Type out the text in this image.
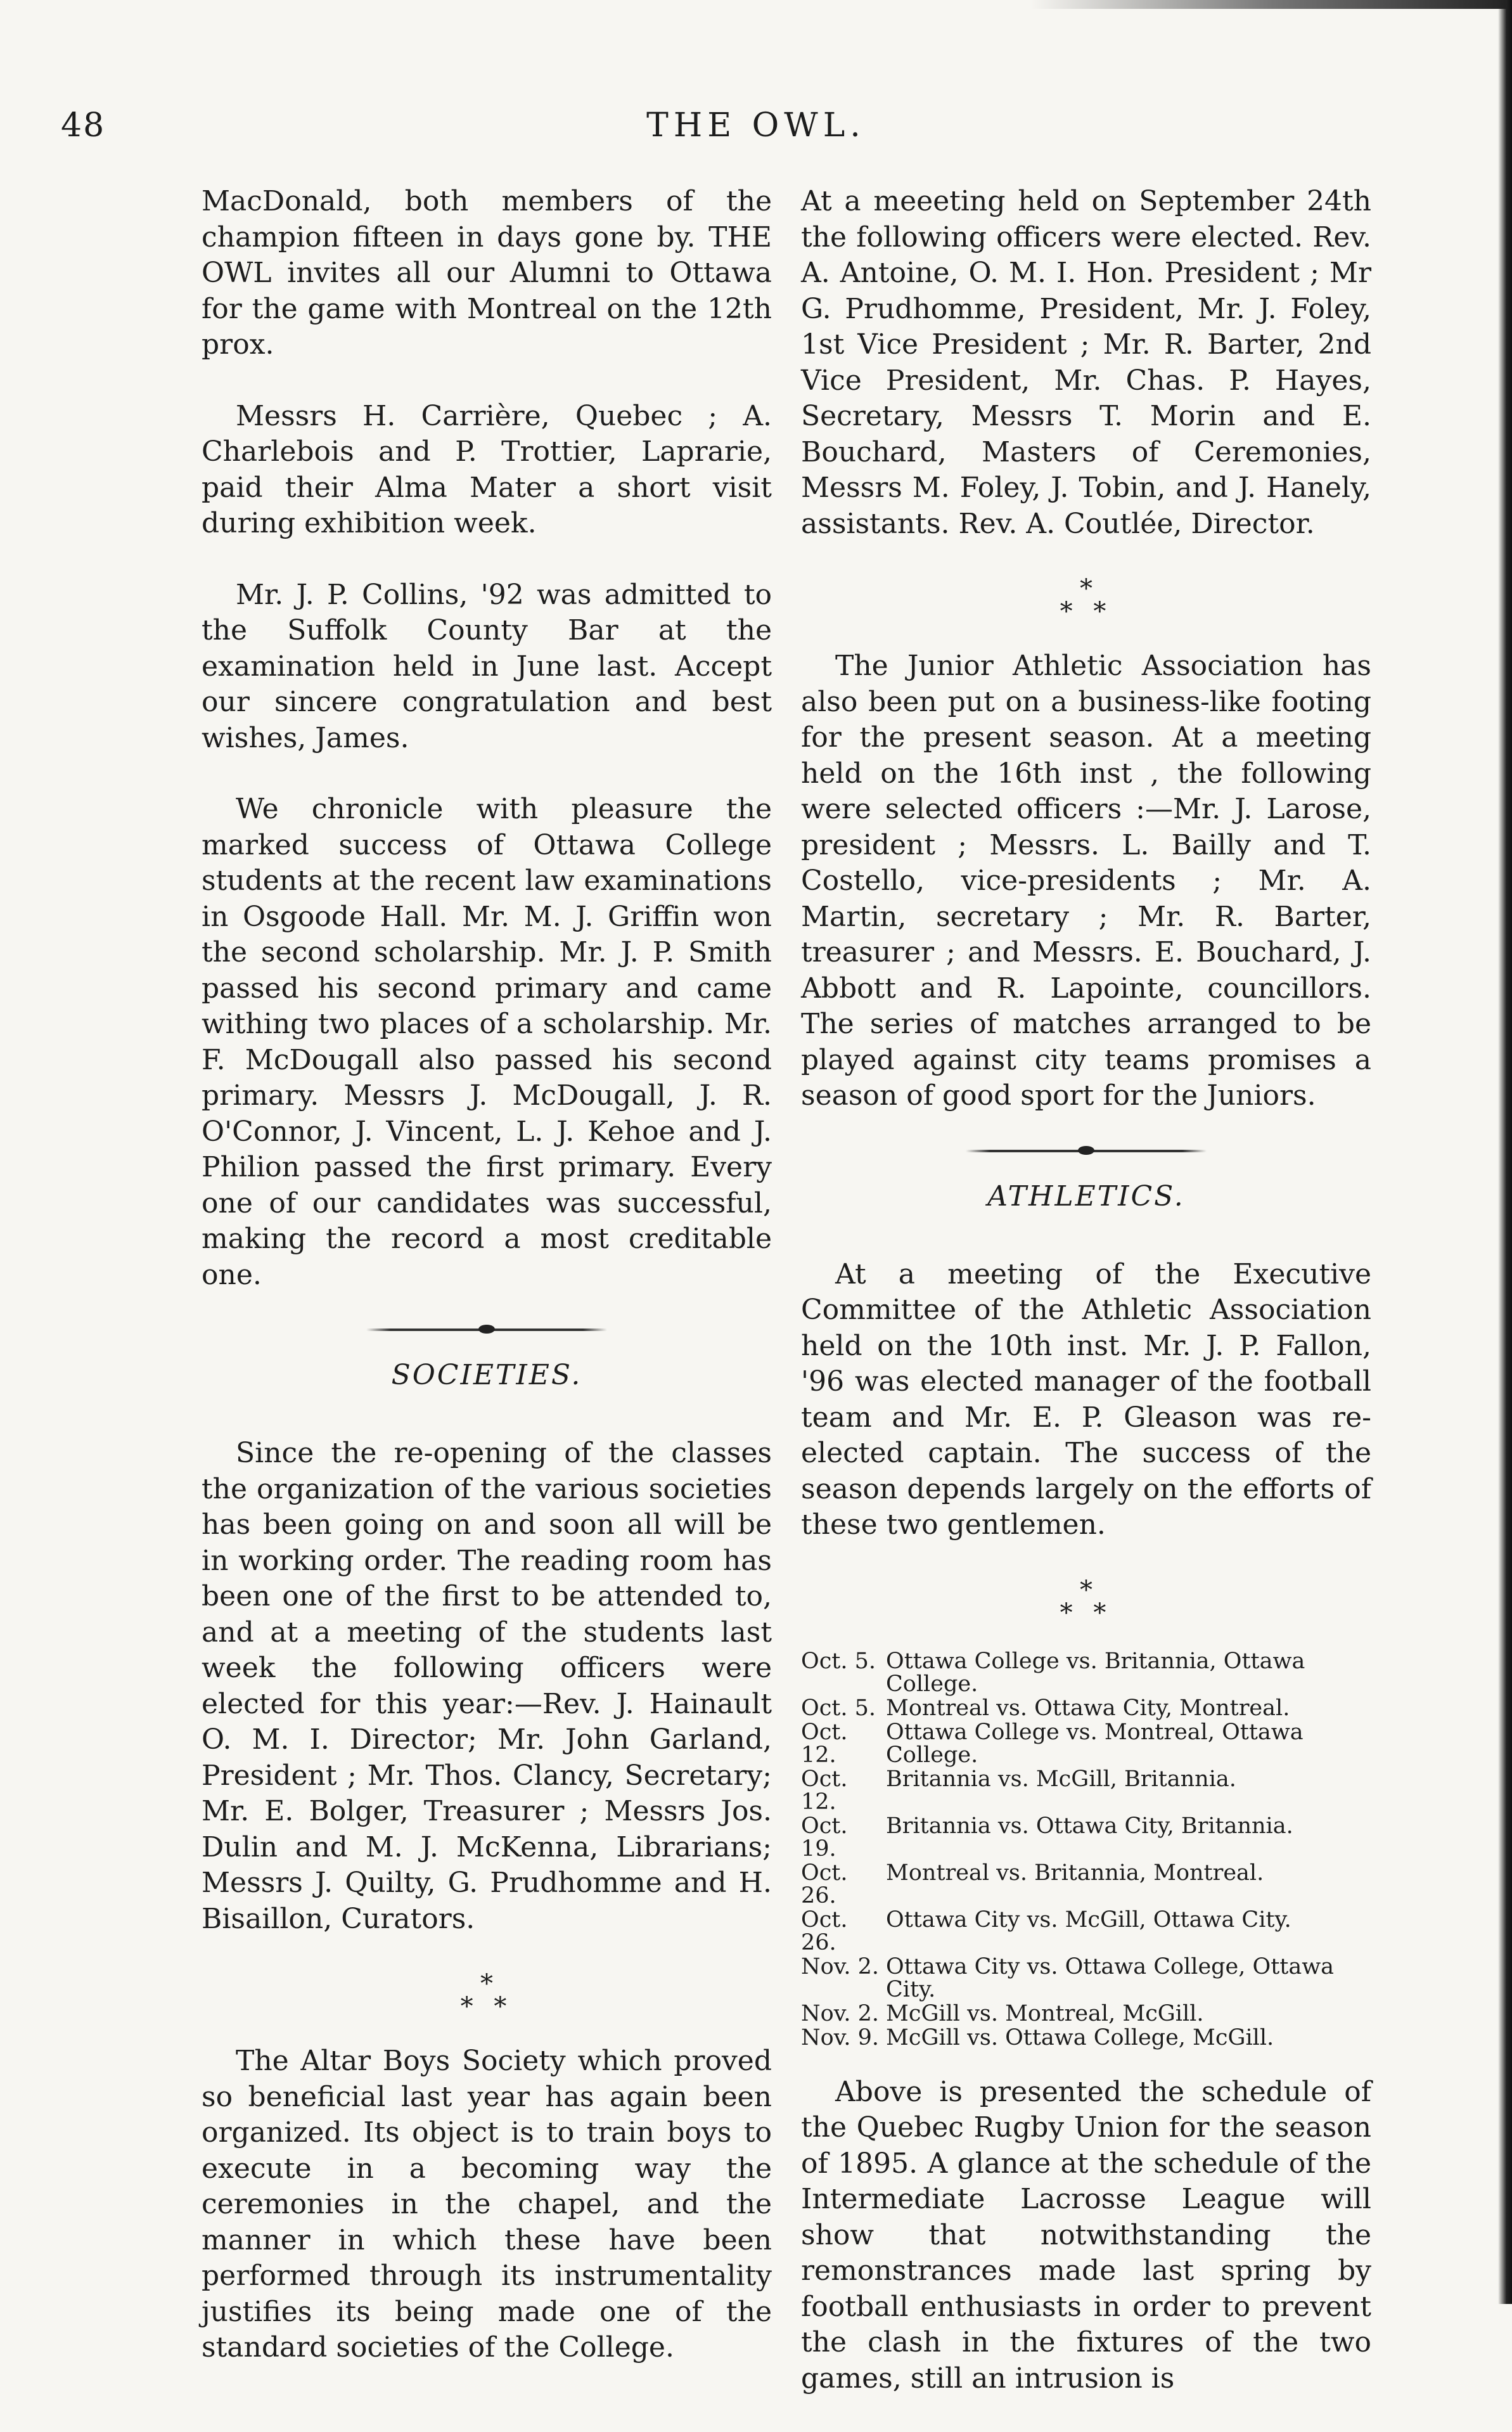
48	THE OWL.

MacDonald, both members of the champion fifteen in days gone by. THE OWL invites all our Alumni to Ottawa for the game with Montreal on the 12th prox.

Messrs H. Carrière, Quebec ; A. Charlebois and P. Trottier, Laprarie, paid their Alma Mater a short visit during exhibition week.

Mr. J. P. Collins, '92 was admitted to the Suffolk County Bar at the examination held in June last. Accept our sincere congratulation and best wishes, James.

We chronicle with pleasure the marked success of Ottawa College students at the recent law examinations in Osgoode Hall. Mr. M. J. Griffin won the second scholarship. Mr. J. P. Smith passed his second primary and came withing two places of a scholarship. Mr. F. McDougall also passed his second primary. Messrs J. McDougall, J. R. O'Connor, J. Vincent, L. J. Kehoe and J. Philion passed the first primary. Every one of our candidates was successful, making the record a most creditable one.

SOCIETIES.

Since the re-opening of the classes the organization of the various societies has been going on and soon all will be in working order. The reading room has been one of the first to be attended to, and at a meeting of the students last week the following officers were elected for this year:—Rev. J. Hainault O. M. I. Director; Mr. John Garland, President ; Mr. Thos. Clancy, Secretary; Mr. E. Bolger, Treasurer ; Messrs Jos. Dulin and M. J. McKenna, Librarians; Messrs J. Quilty, G. Prudhomme and H. Bisaillon, Curators.

*
* *

The Altar Boys Society which proved so beneficial last year has again been organized. Its object is to train boys to execute in a becoming way the ceremonies in the chapel, and the manner in which these have been performed through its instrumentality justifies its being made one of the standard societies of the College.

At a meeeting held on September 24th the following officers were elected. Rev. A. Antoine, O. M. I. Hon. President ; Mr G. Prudhomme, President, Mr. J. Foley, 1st Vice President ; Mr. R. Barter, 2nd Vice President, Mr. Chas. P. Hayes, Secretary, Messrs T. Morin and E. Bouchard, Masters of Ceremonies, Messrs M. Foley, J. Tobin, and J. Hanely, assistants. Rev. A. Coutlée, Director.

*
* *

The Junior Athletic Association has also been put on a business-like footing for the present season. At a meeting held on the 16th inst , the following were selected officers :—Mr. J. Larose, president ; Messrs. L. Bailly and T. Costello, vice-presidents ; Mr. A. Martin, secretary ; Mr. R. Barter, treasurer ; and Messrs. E. Bouchard, J. Abbott and R. Lapointe, councillors. The series of matches arranged to be played against city teams promises a season of good sport for the Juniors.

ATHLETICS.

At a meeting of the Executive Committee of the Athletic Association held on the 10th inst. Mr. J. P. Fallon, '96 was elected manager of the football team and Mr. E. P. Gleason was re-elected captain. The success of the season depends largely on the efforts of these two gentlemen.

*
* *
Oct. 5. Ottawa College vs. Britannia, Ottawa College.
Oct. 5. Montreal vs. Ottawa City, Montreal.
Oct. 12.
Ottawa College vs. Montreal, Ottawa College.
Oct. 12.
Britannia vs. McGill, Britannia.
Oct. 19.
Britannia vs. Ottawa City, Britannia.
Oct. 26.
Montreal vs. Britannia, Montreal.
Oct. 26.
Ottawa City vs. McGill, Ottawa City.
Nov. 2. Ottawa City vs. Ottawa College, Ottawa City.
Nov. 2. McGill vs. Montreal, McGill.
Nov. 9. McGill vs. Ottawa College, McGill.

Above is presented the schedule of the Quebec Rugby Union for the season of 1895. A glance at the schedule of the Intermediate Lacrosse League will show that notwithstanding the remonstrances made last spring by football enthusiasts in order to prevent the clash in the fixtures of the two games, still an intrusion is
